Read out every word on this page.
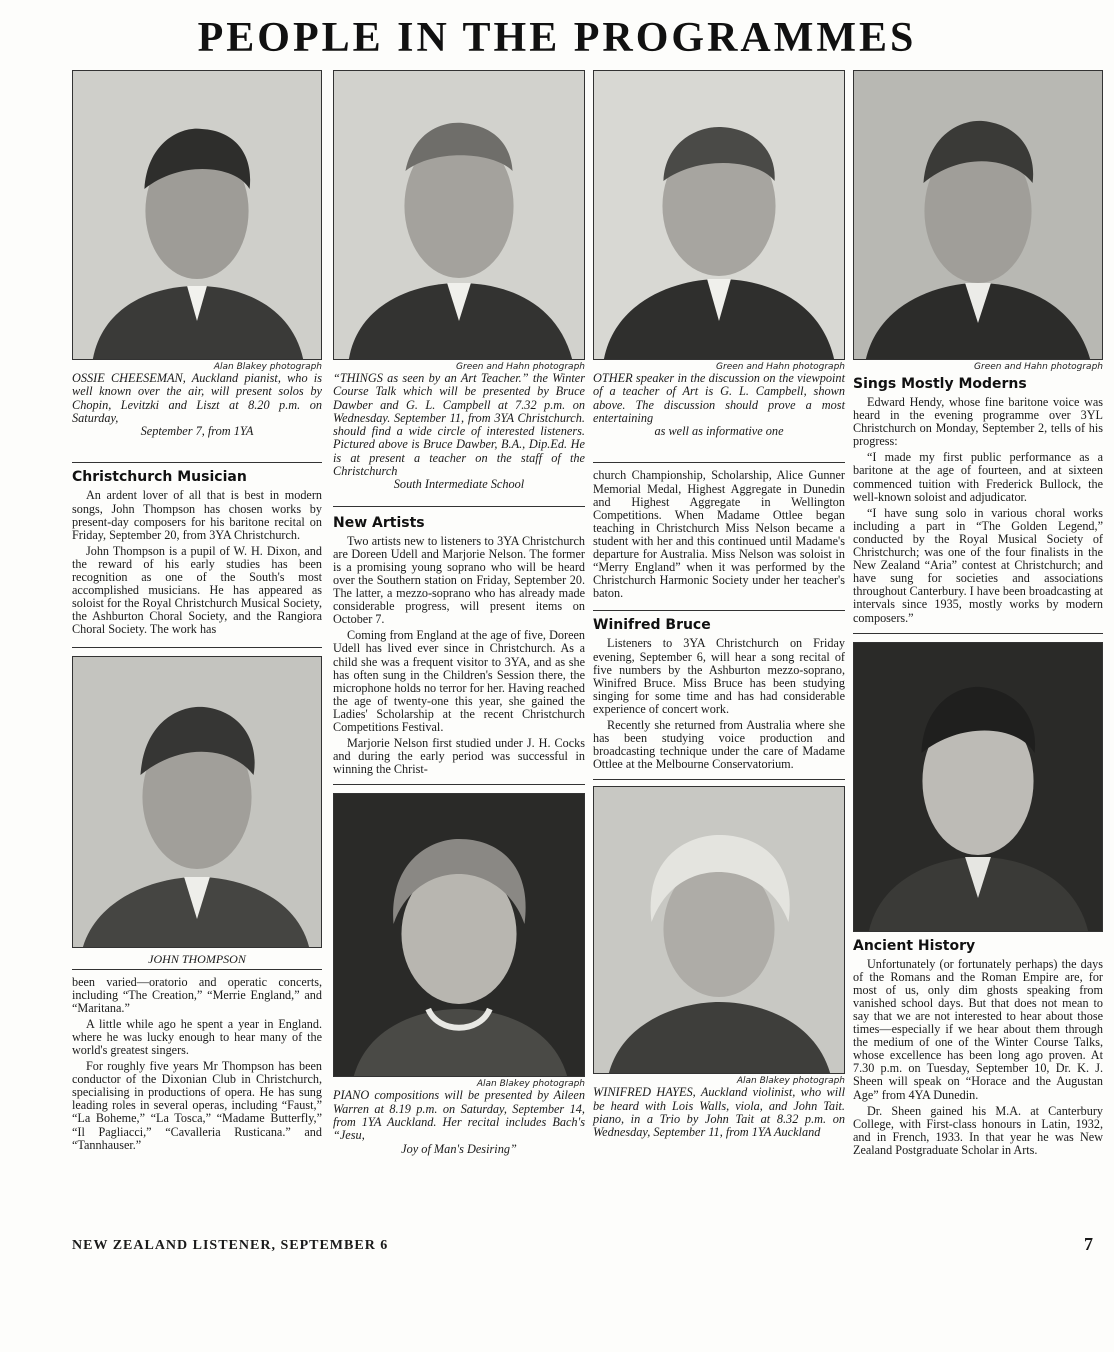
PEOPLE IN THE PROGRAMMES
Alan Blakey photograph

OSSIE CHEESEMAN, Auckland pianist, who is well known over the air, will present solos by Chopin, Levitzki and Liszt at 8.20 p.m. on Saturday,
September 7, from 1YA

Christchurch Musician

An ardent lover of all that is best in modern songs, John Thompson has chosen works by present-day composers for his baritone recital on Friday, September 20, from 3YA Christchurch.

John Thompson is a pupil of W. H. Dixon, and the reward of his early studies has been recognition as one of the South's most accomplished musicians. He has appeared as soloist for the Royal Christchurch Musical Society, the Ashburton Choral Society, and the Rangiora Choral Society. The work has

JOHN THOMPSON

been varied—oratorio and operatic concerts, including “The Creation,” “Merrie England,” and “Maritana.”

A little while ago he spent a year in England. where he was lucky enough to hear many of the world's greatest singers.

For roughly five years Mr Thompson has been conductor of the Dixonian Club in Christchurch, specialising in productions of opera. He has sung leading roles in several operas, including “Faust,” “La Boheme,” “La Tosca,” “Madame Butterfly,” “Il Pagliacci,” “Cavalleria Rusticana.” and “Tannhauser.”

Green and Hahn photograph

“THINGS as seen by an Art Teacher.” the Winter Course Talk which will be presented by Bruce Dawber and G. L. Campbell at 7.32 p.m. on Wednesday. September 11, from 3YA Christchurch. should find a wide circle of interested listeners. Pictured above is Bruce Dawber, B.A., Dip.Ed. He is at present a teacher on the staff of the Christchurch
South Intermediate School

New Artists

Two artists new to listeners to 3YA Christchurch are Doreen Udell and Marjorie Nelson. The former is a promising young soprano who will be heard over the Southern station on Friday, September 20. The latter, a mezzo-soprano who has already made considerable progress, will present items on October 7.

Coming from England at the age of five, Doreen Udell has lived ever since in Christchurch. As a child she was a frequent visitor to 3YA, and as she has often sung in the Children's Session there, the microphone holds no terror for her. Having reached the age of twenty-one this year, she gained the Ladies' Scholarship at the recent Christchurch Competitions Festival.

Marjorie Nelson first studied under J. H. Cocks and during the early period was successful in winning the Christ-

Alan Blakey photograph

PIANO compositions will be presented by Aileen Warren at 8.19 p.m. on Saturday, September 14, from 1YA Auckland. Her recital includes Bach's “Jesu,
Joy of Man's Desiring”

Green and Hahn photograph

OTHER speaker in the discussion on the viewpoint of a teacher of Art is G. L. Campbell, shown above. The discussion should prove a most entertaining
as well as informative one

church Championship, Scholarship, Alice Gunner Memorial Medal, Highest Aggregate in Dunedin and Highest Aggregate in Wellington Competitions. When Madame Ottlee began teaching in Christchurch Miss Nelson became a student with her and this continued until Madame's departure for Australia. Miss Nelson was soloist in “Merry England” when it was performed by the Christchurch Harmonic Society under her teacher's baton.

Winifred Bruce

Listeners to 3YA Christchurch on Friday evening, September 6, will hear a song recital of five numbers by the Ashburton mezzo-soprano, Winifred Bruce. Miss Bruce has been studying singing for some time and has had considerable experience of concert work.

Recently she returned from Australia where she has been studying voice production and broadcasting technique under the care of Madame Ottlee at the Melbourne Conservatorium.

Alan Blakey photograph

WINIFRED HAYES, Auckland violinist, who will be heard with Lois Walls, viola, and John Tait. piano, in a Trio by John Tait at 8.32 p.m. on Wednesday, September 11, from 1YA Auckland

Green and Hahn photograph
Sings Mostly Moderns

Edward Hendy, whose fine baritone voice was heard in the evening programme over 3YL Christchurch on Monday, September 2, tells of his progress:

“I made my first public performance as a baritone at the age of fourteen, and at sixteen commenced tuition with Frederick Bullock, the well-known soloist and adjudicator.

“I have sung solo in various choral works including a part in “The Golden Legend,” conducted by the Royal Musical Society of Christchurch; was one of the four finalists in the New Zealand “Aria” contest at Christchurch; and have sung for societies and associations throughout Canterbury. I have been broadcasting at intervals since 1935, mostly works by modern composers.”

Ancient History

Unfortunately (or fortunately perhaps) the days of the Romans and the Roman Empire are, for most of us, only dim ghosts speaking from vanished school days. But that does not mean to say that we are not interested to hear about those times—especially if we hear about them through the medium of one of the Winter Course Talks, whose excellence has been long ago proven. At 7.30 p.m. on Tuesday, September 10, Dr. K. J. Sheen will speak on “Horace and the Augustan Age” from 4YA Dunedin.

Dr. Sheen gained his M.A. at Canterbury College, with First-class honours in Latin, 1932, and in French, 1933. In that year he was New Zealand Postgraduate Scholar in Arts.

NEW ZEALAND LISTENER, SEPTEMBER 6	7
